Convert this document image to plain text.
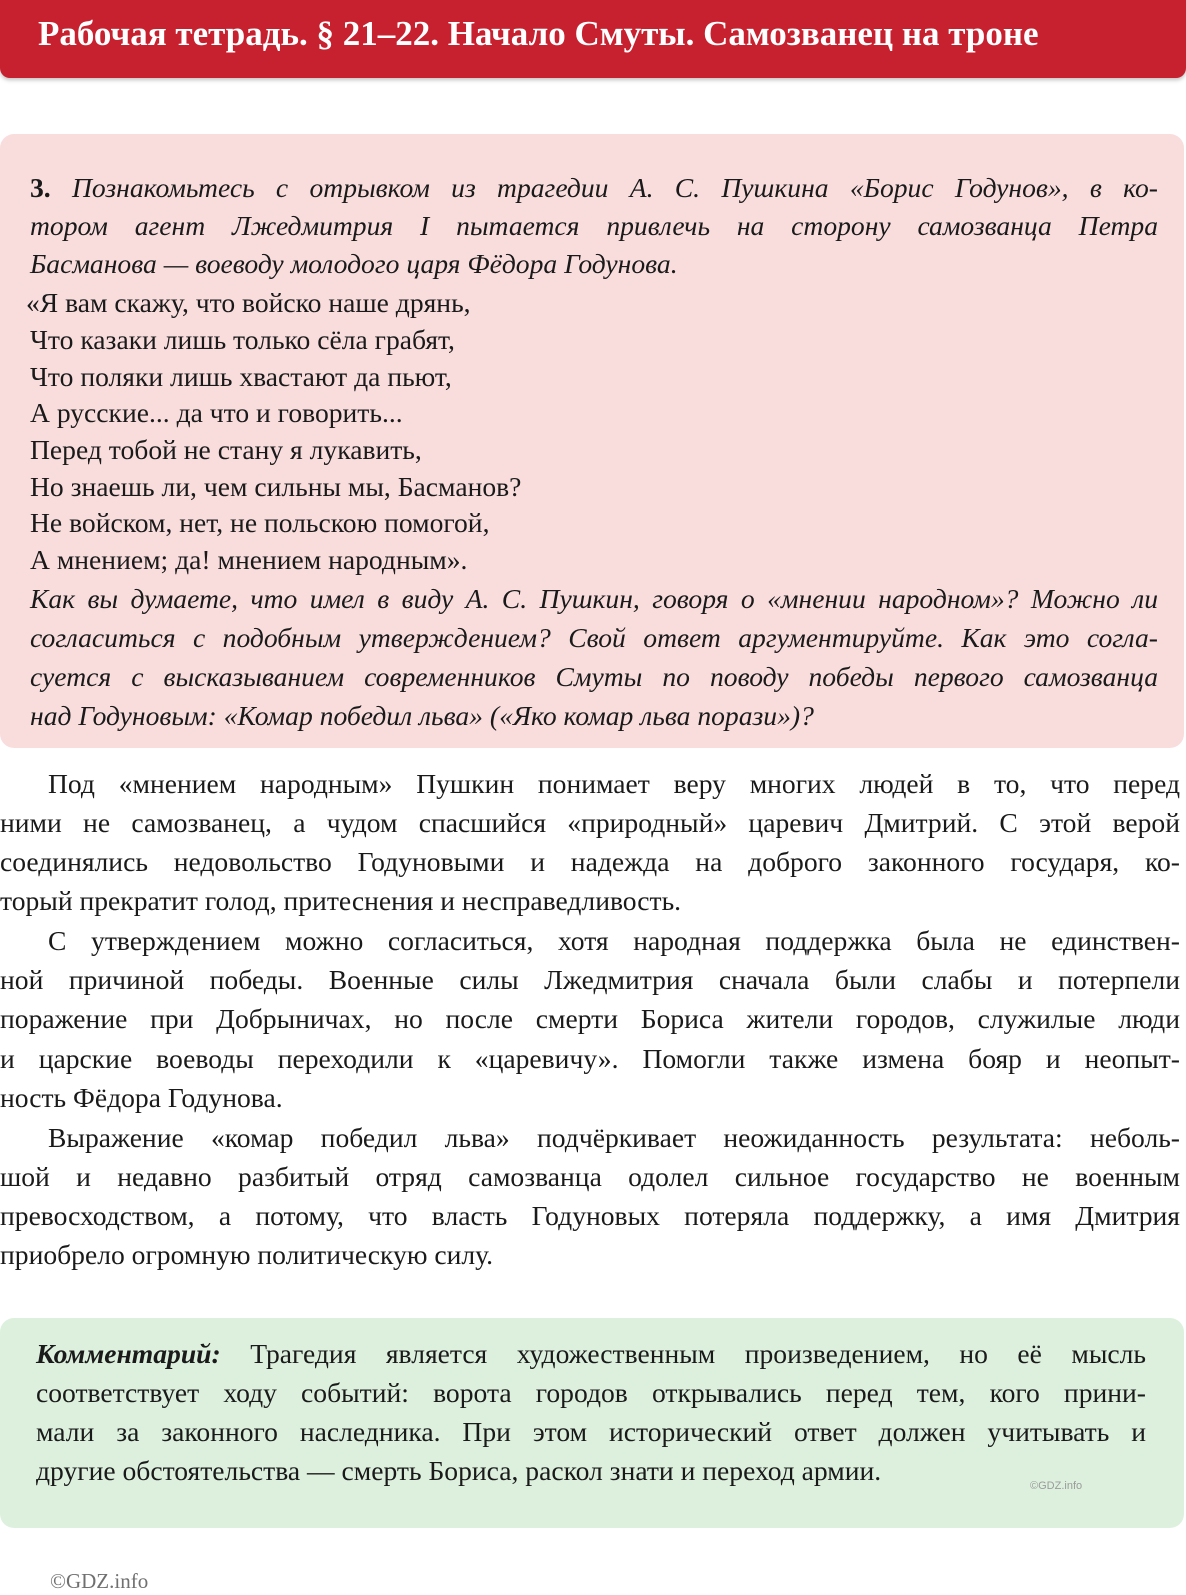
Рабочая тетрадь. § 21–22. Начало Смуты. Самозванец на троне
3. Познакомьтесь с отрывком из трагедии А. С. Пушкина «Борис Годунов», в ко-
тором агент Лжедмитрия I пытается привлечь на сторону самозванца Петра
Басманова — воеводу молодого царя Фёдора Годунова.
«Я вам скажу, что войско наше дрянь,
Что казаки лишь только сёла грабят,
Что поляки лишь хвастают да пьют,
А русские... да что и говорить...
Перед тобой не стану я лукавить,
Но знаешь ли, чем сильны мы, Басманов?
Не войском, нет, не польскою помогой,
А мнением; да! мнением народным».
Как вы думаете, что имел в виду А. С. Пушкин, говоря о «мнении народном»? Можно ли
согласиться с подобным утверждением? Свой ответ аргументируйте. Как это согла-
суется с высказыванием современников Смуты по поводу победы первого самозванца
над Годуновым: «Комар победил льва» («Яко комар льва порази»)?
Под «мнением народным» Пушкин понимает веру многих людей в то, что перед
ними не самозванец, а чудом спасшийся «природный» царевич Дмитрий. С этой верой
соединялись недовольство Годуновыми и надежда на доброго законного государя, ко-
торый прекратит голод, притеснения и несправедливость.
С утверждением можно согласиться, хотя народная поддержка была не единствен-
ной причиной победы. Военные силы Лжедмитрия сначала были слабы и потерпели
поражение при Добрыничах, но после смерти Бориса жители городов, служилые люди
и царские воеводы переходили к «царевичу». Помогли также измена бояр и неопыт-
ность Фёдора Годунова.
Выражение «комар победил льва» подчёркивает неожиданность результата: неболь-
шой и недавно разбитый отряд самозванца одолел сильное государство не военным
превосходством, а потому, что власть Годуновых потеряла поддержку, а имя Дмитрия
приобрело огромную политическую силу.
Комментарий: Трагедия является художественным произведением, но её мысль
соответствует ходу событий: ворота городов открывались перед тем, кого прини-
мали за законного наследника. При этом исторический ответ должен учитывать и
другие обстоятельства — смерть Бориса, раскол знати и переход армии.	©GDZ.info
©GDZ.info
